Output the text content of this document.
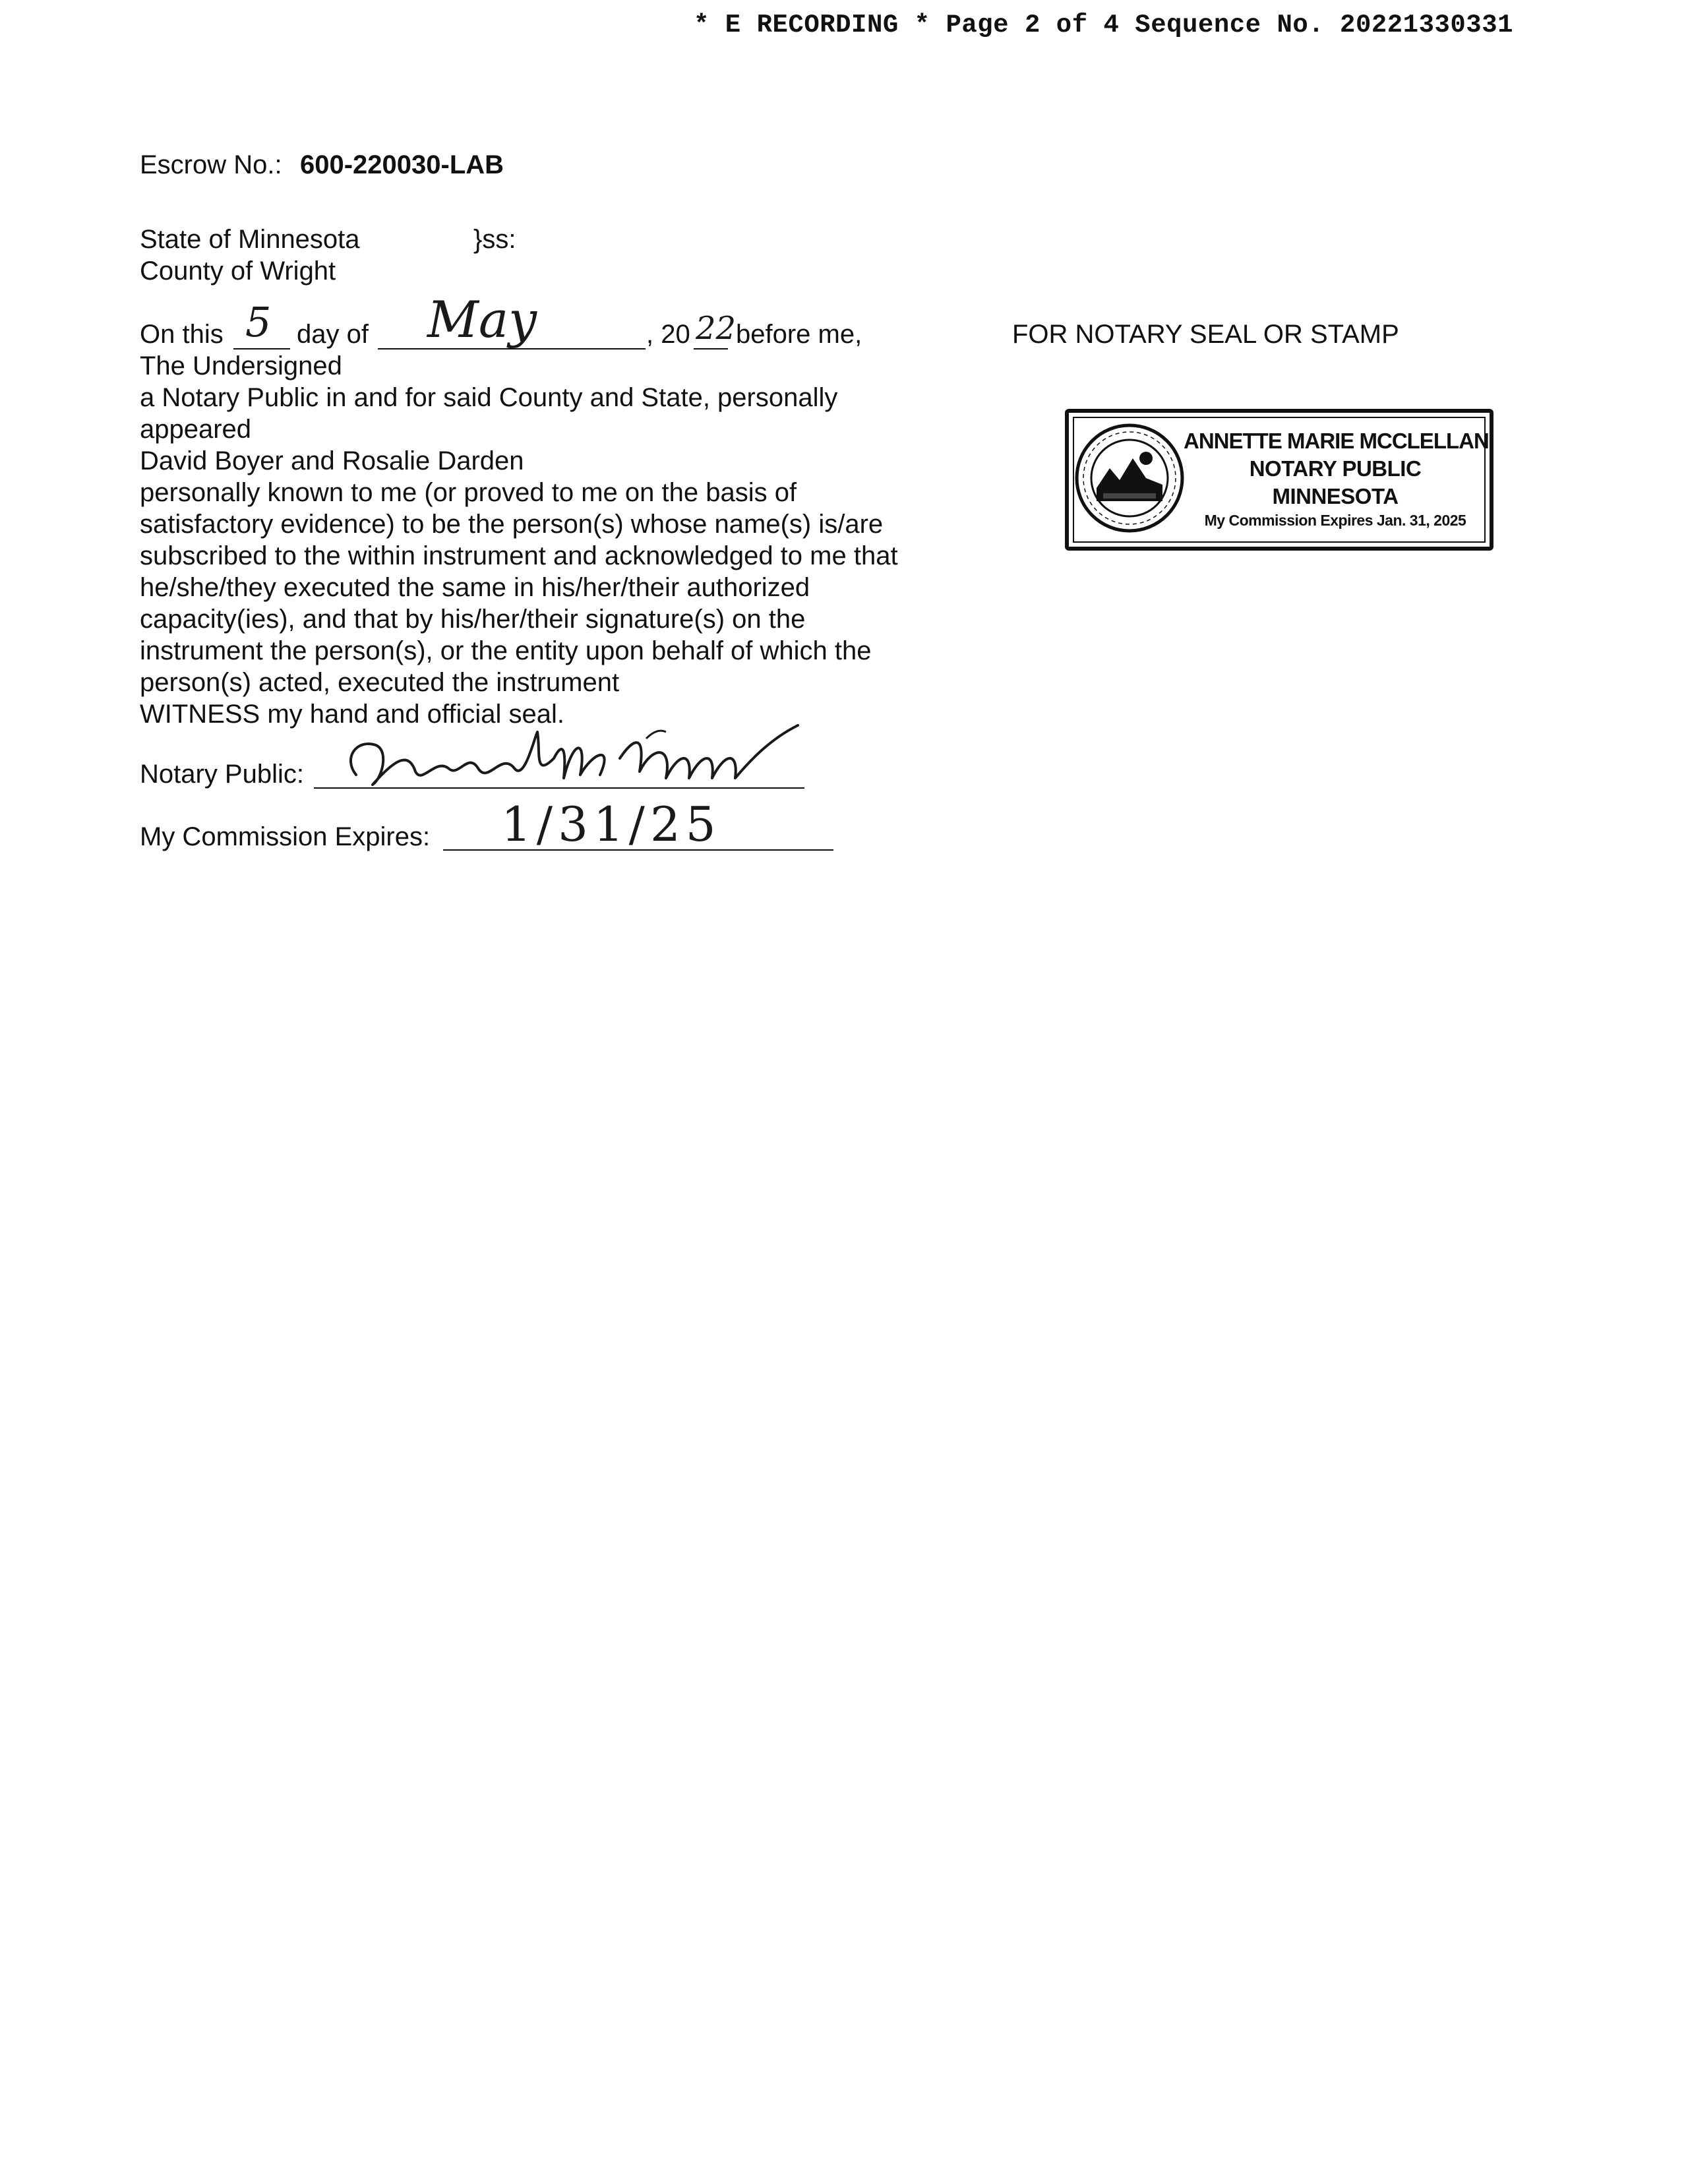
* E RECORDING * Page 2 of 4 Sequence No. 20221330331
Escrow No.: 600-220030-LAB
State of Minnesota	}ss:
County of Wright
On this 5 day of May	, 20 22 before me,
The Undersigned
a Notary Public in and for said County and State, personally
appeared
David Boyer and Rosalie Darden
personally known to me (or proved to me on the basis of
satisfactory evidence) to be the person(s) whose name(s) is/are
subscribed to the within instrument and acknowledged to me that
he/she/they executed the same in his/her/their authorized
capacity(ies), and that by his/her/their signature(s) on the
instrument the person(s), or the entity upon behalf of which the
person(s) acted, executed the instrument
WITNESS my hand and official seal.
Notary Public:
My Commission Expires: 1/31/25
FOR NOTARY SEAL OR STAMP
ANNETTE MARIE MCCLELLAN
NOTARY PUBLIC
MINNESOTA
My Commission Expires Jan. 31, 2025
